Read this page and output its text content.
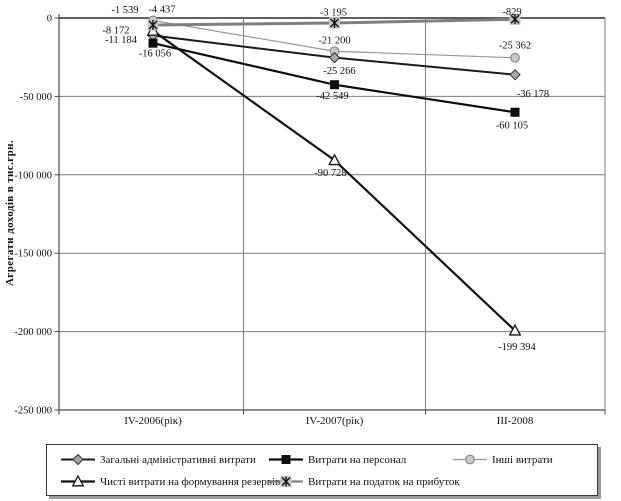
Агрегати доходів в тис.грн.
0
-50 000
-100 000
-150 000
-200 000
-250 000
IV-2006(рік)	IV-2007(рік)	III-2008
-11 184
-25 266
-36 178
-16 056
-42 549
-60 105
-1 539
-21 200	-25 362
-8 172
-90 728
-199 394
-4 437	-3 195	-829
Загальні адміністративні витрати	Витрати на персонал	Інші витрати
Чисті витрати на формування резервів	Витрати на податок на прибуток
